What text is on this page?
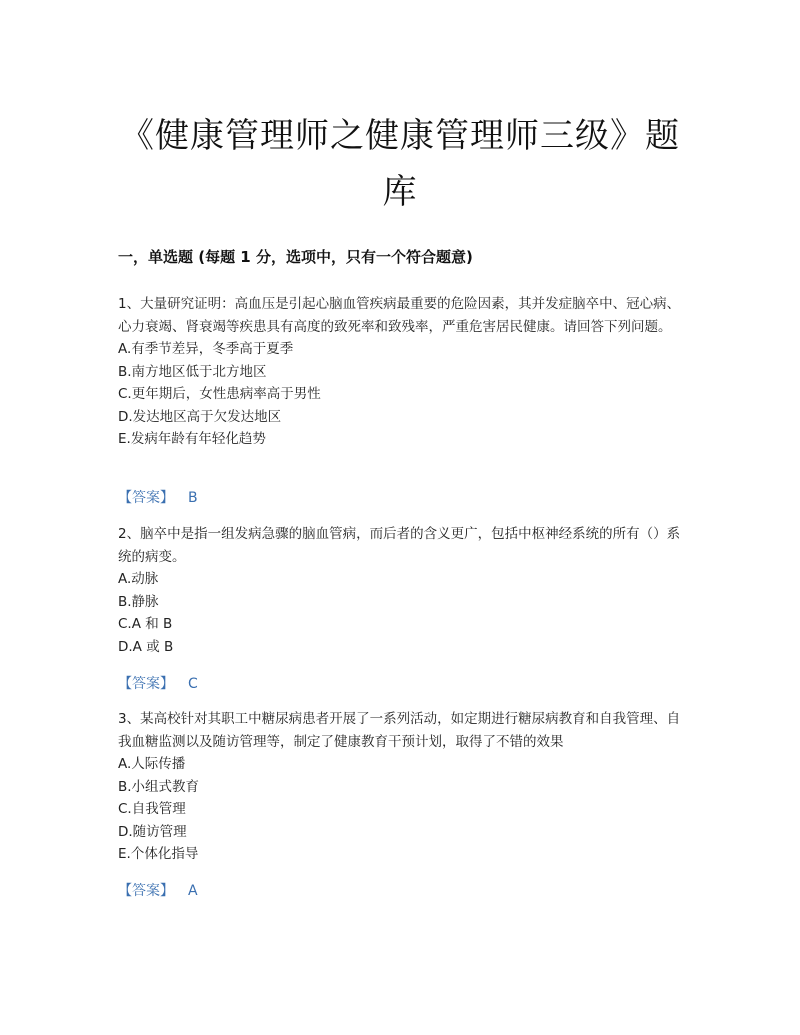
《健康管理师之健康管理师三级》题库
一，单选题 (每题 1 分，选项中，只有一个符合题意)

1、大量研究证明：高血压是引起心脑血管疾病最重要的危险因素，其并发症脑卒中、冠心病、心力衰竭、肾衰竭等疾患具有高度的致死率和致残率，严重危害居民健康。请回答下列问题。

A.有季节差异，冬季高于夏季

B.南方地区低于北方地区

C.更年期后，女性患病率高于男性

D.发达地区高于欠发达地区

E.发病年龄有年轻化趋势

【答案】 B

2、脑卒中是指一组发病急骤的脑血管病，而后者的含义更广，包括中枢神经系统的所有（）系统的病变。

A.动脉

B.静脉

C.A 和 B

D.A 或 B

【答案】 C

3、某高校针对其职工中糖尿病患者开展了一系列活动，如定期进行糖尿病教育和自我管理、自我血糖监测以及随访管理等，制定了健康教育干预计划，取得了不错的效果

A.人际传播

B.小组式教育

C.自我管理

D.随访管理

E.个体化指导

【答案】 A
